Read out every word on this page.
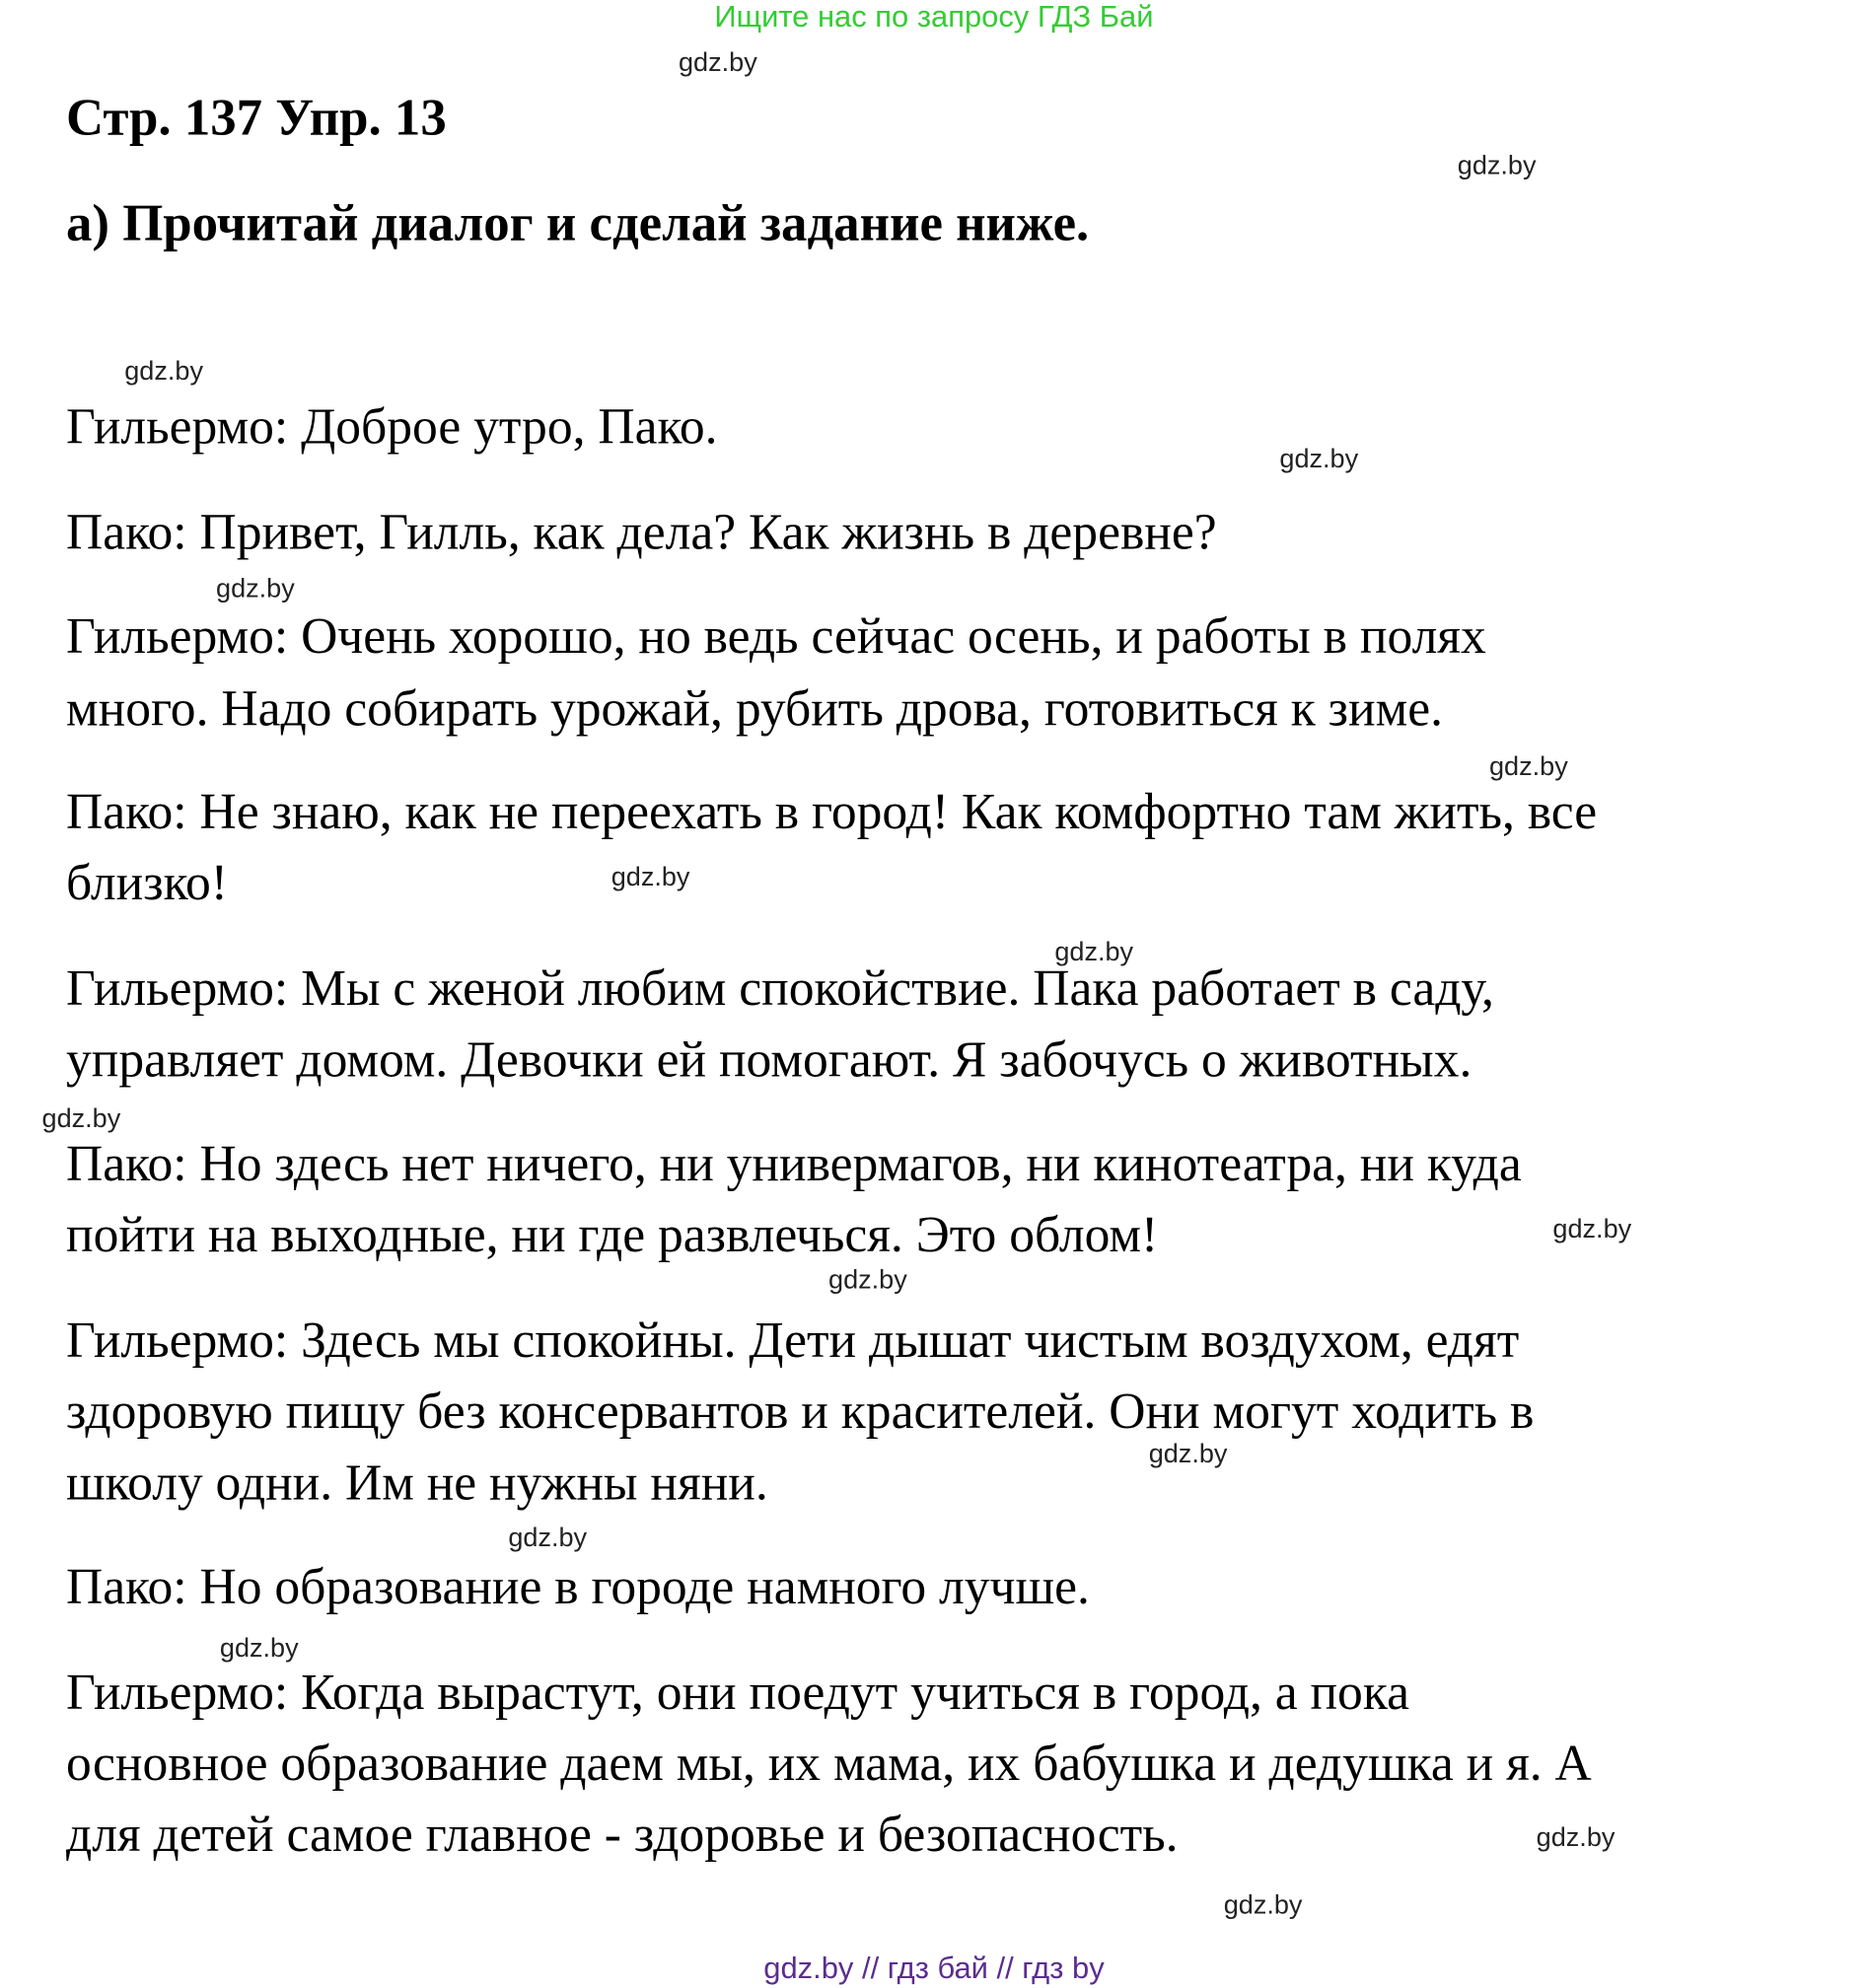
Ищите нас по запросу ГДЗ Бай
Стр. 137 Упр. 13
а) Прочитай диалог и сделай задание ниже.
Гильермо: Доброе утро, Пако.
Пако: Привет, Гилль, как дела? Как жизнь в деревне?
Гильермо: Очень хорошо, но ведь сейчас осень, и работы в полях
много. Надо собирать урожай, рубить дрова, готовиться к зиме.
Пако: Не знаю, как не переехать в город! Как комфортно там жить, все
близко!
Гильермо: Мы с женой любим спокойствие. Пака работает в саду,
управляет домом. Девочки ей помогают. Я забочусь о животных.
Пако: Но здесь нет ничего, ни универмагов, ни кинотеатра, ни куда
пойти на выходные, ни где развлечься. Это облом!
Гильермо: Здесь мы спокойны. Дети дышат чистым воздухом, едят
здоровую пищу без консервантов и красителей. Они могут ходить в
школу одни. Им не нужны няни.
Пако: Но образование в городе намного лучше.
Гильермо: Когда вырастут, они поедут учиться в город, а пока
основное образование даем мы, их мама, их бабушка и дедушка и я. А
для детей самое главное - здоровье и безопасность.
gdz.by
gdz.by
gdz.by
gdz.by
gdz.by
gdz.by
gdz.by
gdz.by
gdz.by
gdz.by
gdz.by
gdz.by
gdz.by
gdz.by
gdz.by
gdz.by
gdz.by // гдз бай // гдз by
